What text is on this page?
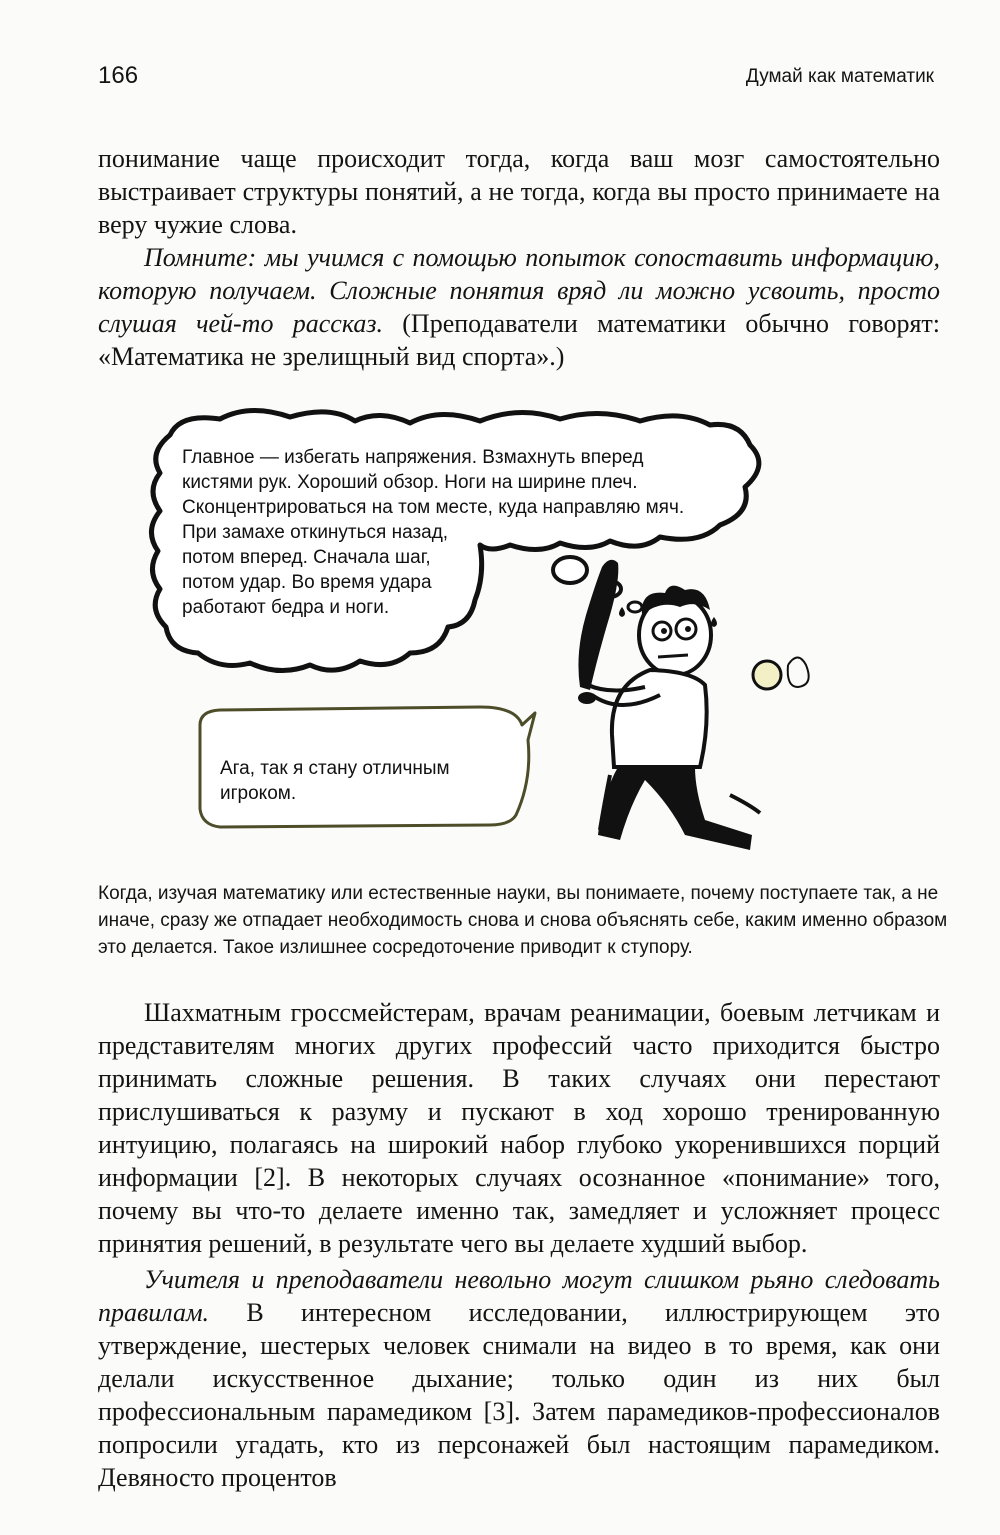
166	Думай как математик

понимание чаще происходит тогда, когда ваш мозг самостоятельно выстраивает структуры понятий, а не тогда, когда вы просто принимаете на веру чужие слова.

Помните: мы учимся с помощью попыток сопоставить информацию, которую получаем. Сложные понятия вряд ли можно усвоить, просто слушая чей-то рассказ. (Преподаватели математики обычно говорят: «Математика не зрелищный вид спорта».)

Главное — избегать напряжения. Взмахнуть вперед
кистями рук. Хороший обзор. Ноги на ширине плеч.
Сконцентрироваться на том месте, куда направляю мяч.
При замахе откинуться назад,
потом вперед. Сначала шаг,
потом удар. Во время удара
работают бедра и ноги.
Ага, так я стану отличным
игроком.

Когда, изучая математику или естественные науки, вы понимаете, почему поступаете так, а не иначе, сразу же отпадает необходимость снова и снова объяснять себе, каким именно образом это делается. Такое излишнее сосредоточение приводит к ступору.

Шахматным гроссмейстерам, врачам реанимации, боевым летчикам и представителям многих других профессий часто приходится быстро принимать сложные решения. В таких случаях они перестают прислушиваться к разуму и пускают в ход хорошо тренированную интуицию, полагаясь на широкий набор глубоко укоренившихся порций информации [2]. В некоторых случаях осознанное «понимание» того, почему вы что-то делаете именно так, замедляет и усложняет процесс принятия решений, в результате чего вы делаете худший выбор.

Учителя и преподаватели невольно могут слишком рьяно следовать правилам. В интересном исследовании, иллюстрирующем это утверждение, шестерых человек снимали на видео в то время, как они делали искусственное дыхание; только один из них был профессиональным парамедиком [3]. Затем парамедиков-профессионалов попросили угадать, кто из персонажей был настоящим парамедиком. Девяносто процентов
